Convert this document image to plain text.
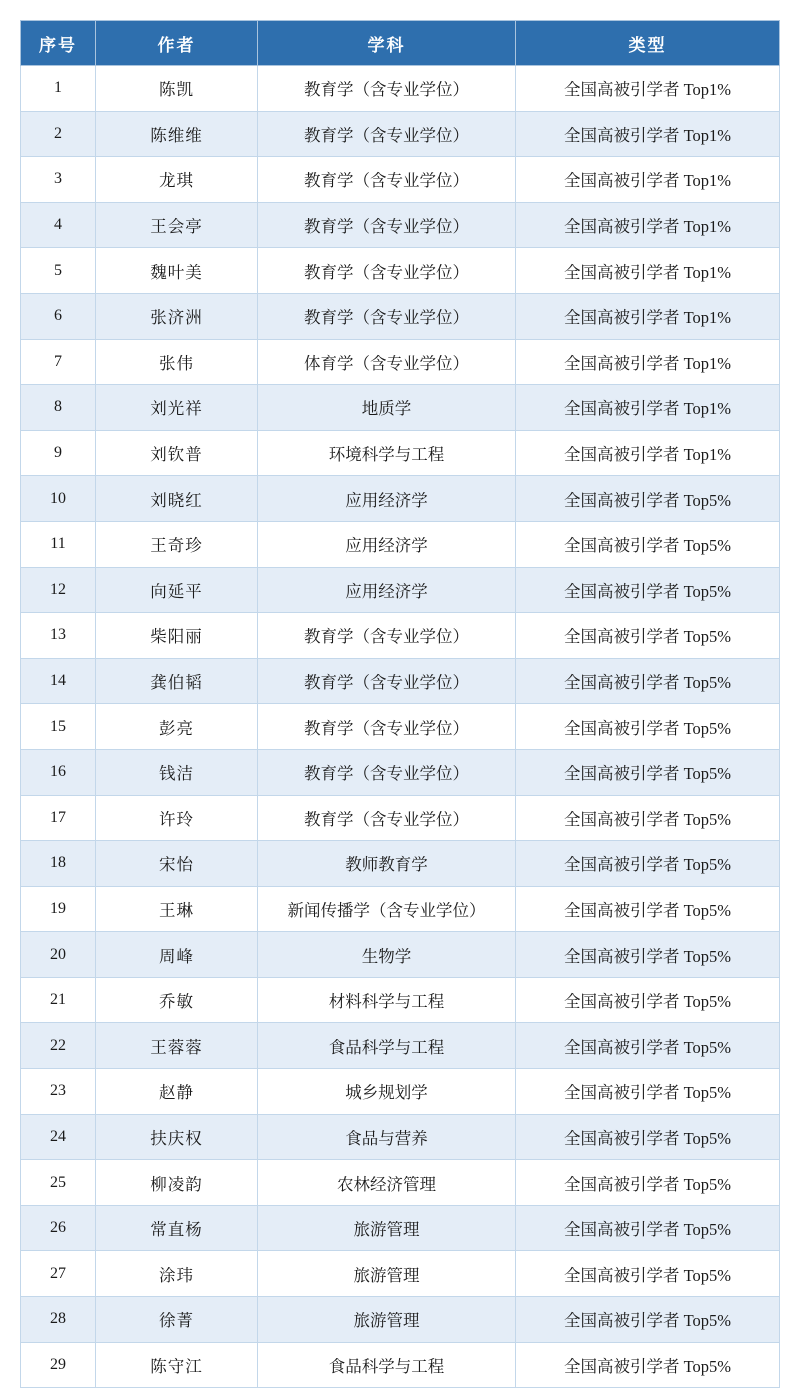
序号	作者	学科	类型
1	陈凯	教育学（含专业学位）	全国高被引学者 Top1%
2	陈维维	教育学（含专业学位）	全国高被引学者 Top1%
3	龙琪	教育学（含专业学位）	全国高被引学者 Top1%
4	王会亭	教育学（含专业学位）	全国高被引学者 Top1%
5	魏叶美	教育学（含专业学位）	全国高被引学者 Top1%
6	张济洲	教育学（含专业学位）	全国高被引学者 Top1%
7	张伟	体育学（含专业学位）	全国高被引学者 Top1%
8	刘光祥	地质学	全国高被引学者 Top1%
9	刘钦普	环境科学与工程	全国高被引学者 Top1%
10	刘晓红	应用经济学	全国高被引学者 Top5%
11	王奇珍	应用经济学	全国高被引学者 Top5%
12	向延平	应用经济学	全国高被引学者 Top5%
13	柴阳丽	教育学（含专业学位）	全国高被引学者 Top5%
14	龚伯韬	教育学（含专业学位）	全国高被引学者 Top5%
15	彭亮	教育学（含专业学位）	全国高被引学者 Top5%
16	钱洁	教育学（含专业学位）	全国高被引学者 Top5%
17	许玲	教育学（含专业学位）	全国高被引学者 Top5%
18	宋怡	教师教育学	全国高被引学者 Top5%
19	王琳	新闻传播学（含专业学位）	全国高被引学者 Top5%
20	周峰	生物学	全国高被引学者 Top5%
21	乔敏	材料科学与工程	全国高被引学者 Top5%
22	王蓉蓉	食品科学与工程	全国高被引学者 Top5%
23	赵静	城乡规划学	全国高被引学者 Top5%
24	扶庆权	食品与营养	全国高被引学者 Top5%
25	柳凌韵	农林经济管理	全国高被引学者 Top5%
26	常直杨	旅游管理	全国高被引学者 Top5%
27	涂玮	旅游管理	全国高被引学者 Top5%
28	徐菁	旅游管理	全国高被引学者 Top5%
29	陈守江	食品科学与工程	全国高被引学者 Top5%
